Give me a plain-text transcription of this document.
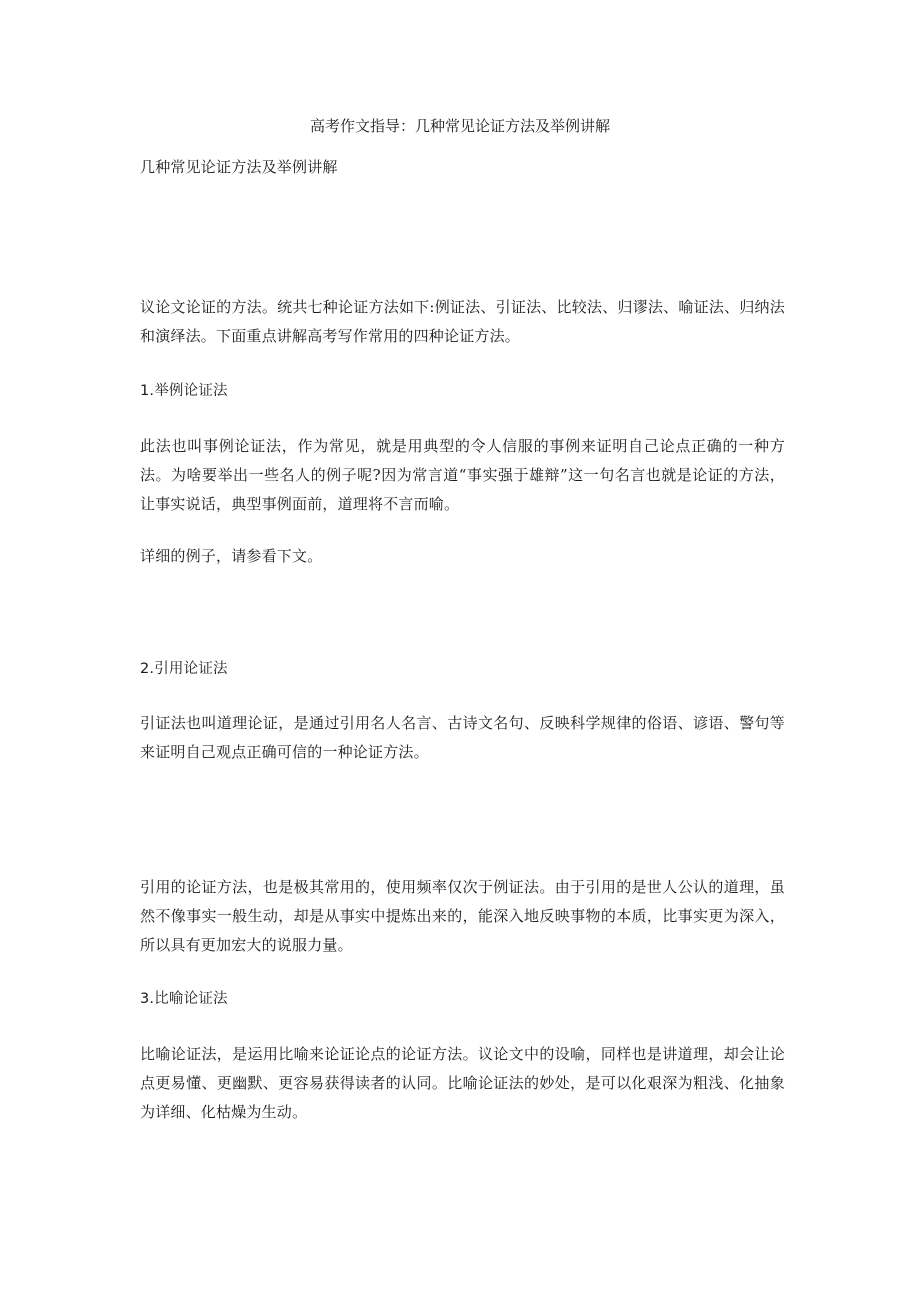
高考作文指导：几种常见论证方法及举例讲解

几种常见论证方法及举例讲解

议论文论证的方法。统共七种论证方法如下:例证法、引证法、比较法、归谬法、喻证法、归纳法和演绎法。下面重点讲解高考写作常用的四种论证方法。

1.举例论证法

此法也叫事例论证法，作为常见，就是用典型的令人信服的事例来证明自己论点正确的一种方法。为啥要举出一些名人的例子呢?因为常言道“事实强于雄辩”这一句名言也就是论证的方法，让事实说话，典型事例面前，道理将不言而喻。

详细的例子，请参看下文。

2.引用论证法

引证法也叫道理论证，是通过引用名人名言、古诗文名句、反映科学规律的俗语、谚语、警句等来证明自己观点正确可信的一种论证方法。

引用的论证方法，也是极其常用的，使用频率仅次于例证法。由于引用的是世人公认的道理，虽然不像事实一般生动，却是从事实中提炼出来的，能深入地反映事物的本质，比事实更为深入，所以具有更加宏大的说服力量。

3.比喻论证法

比喻论证法，是运用比喻来论证论点的论证方法。议论文中的设喻，同样也是讲道理，却会让论点更易懂、更幽默、更容易获得读者的认同。比喻论证法的妙处，是可以化艰深为粗浅、化抽象为详细、化枯燥为生动。
